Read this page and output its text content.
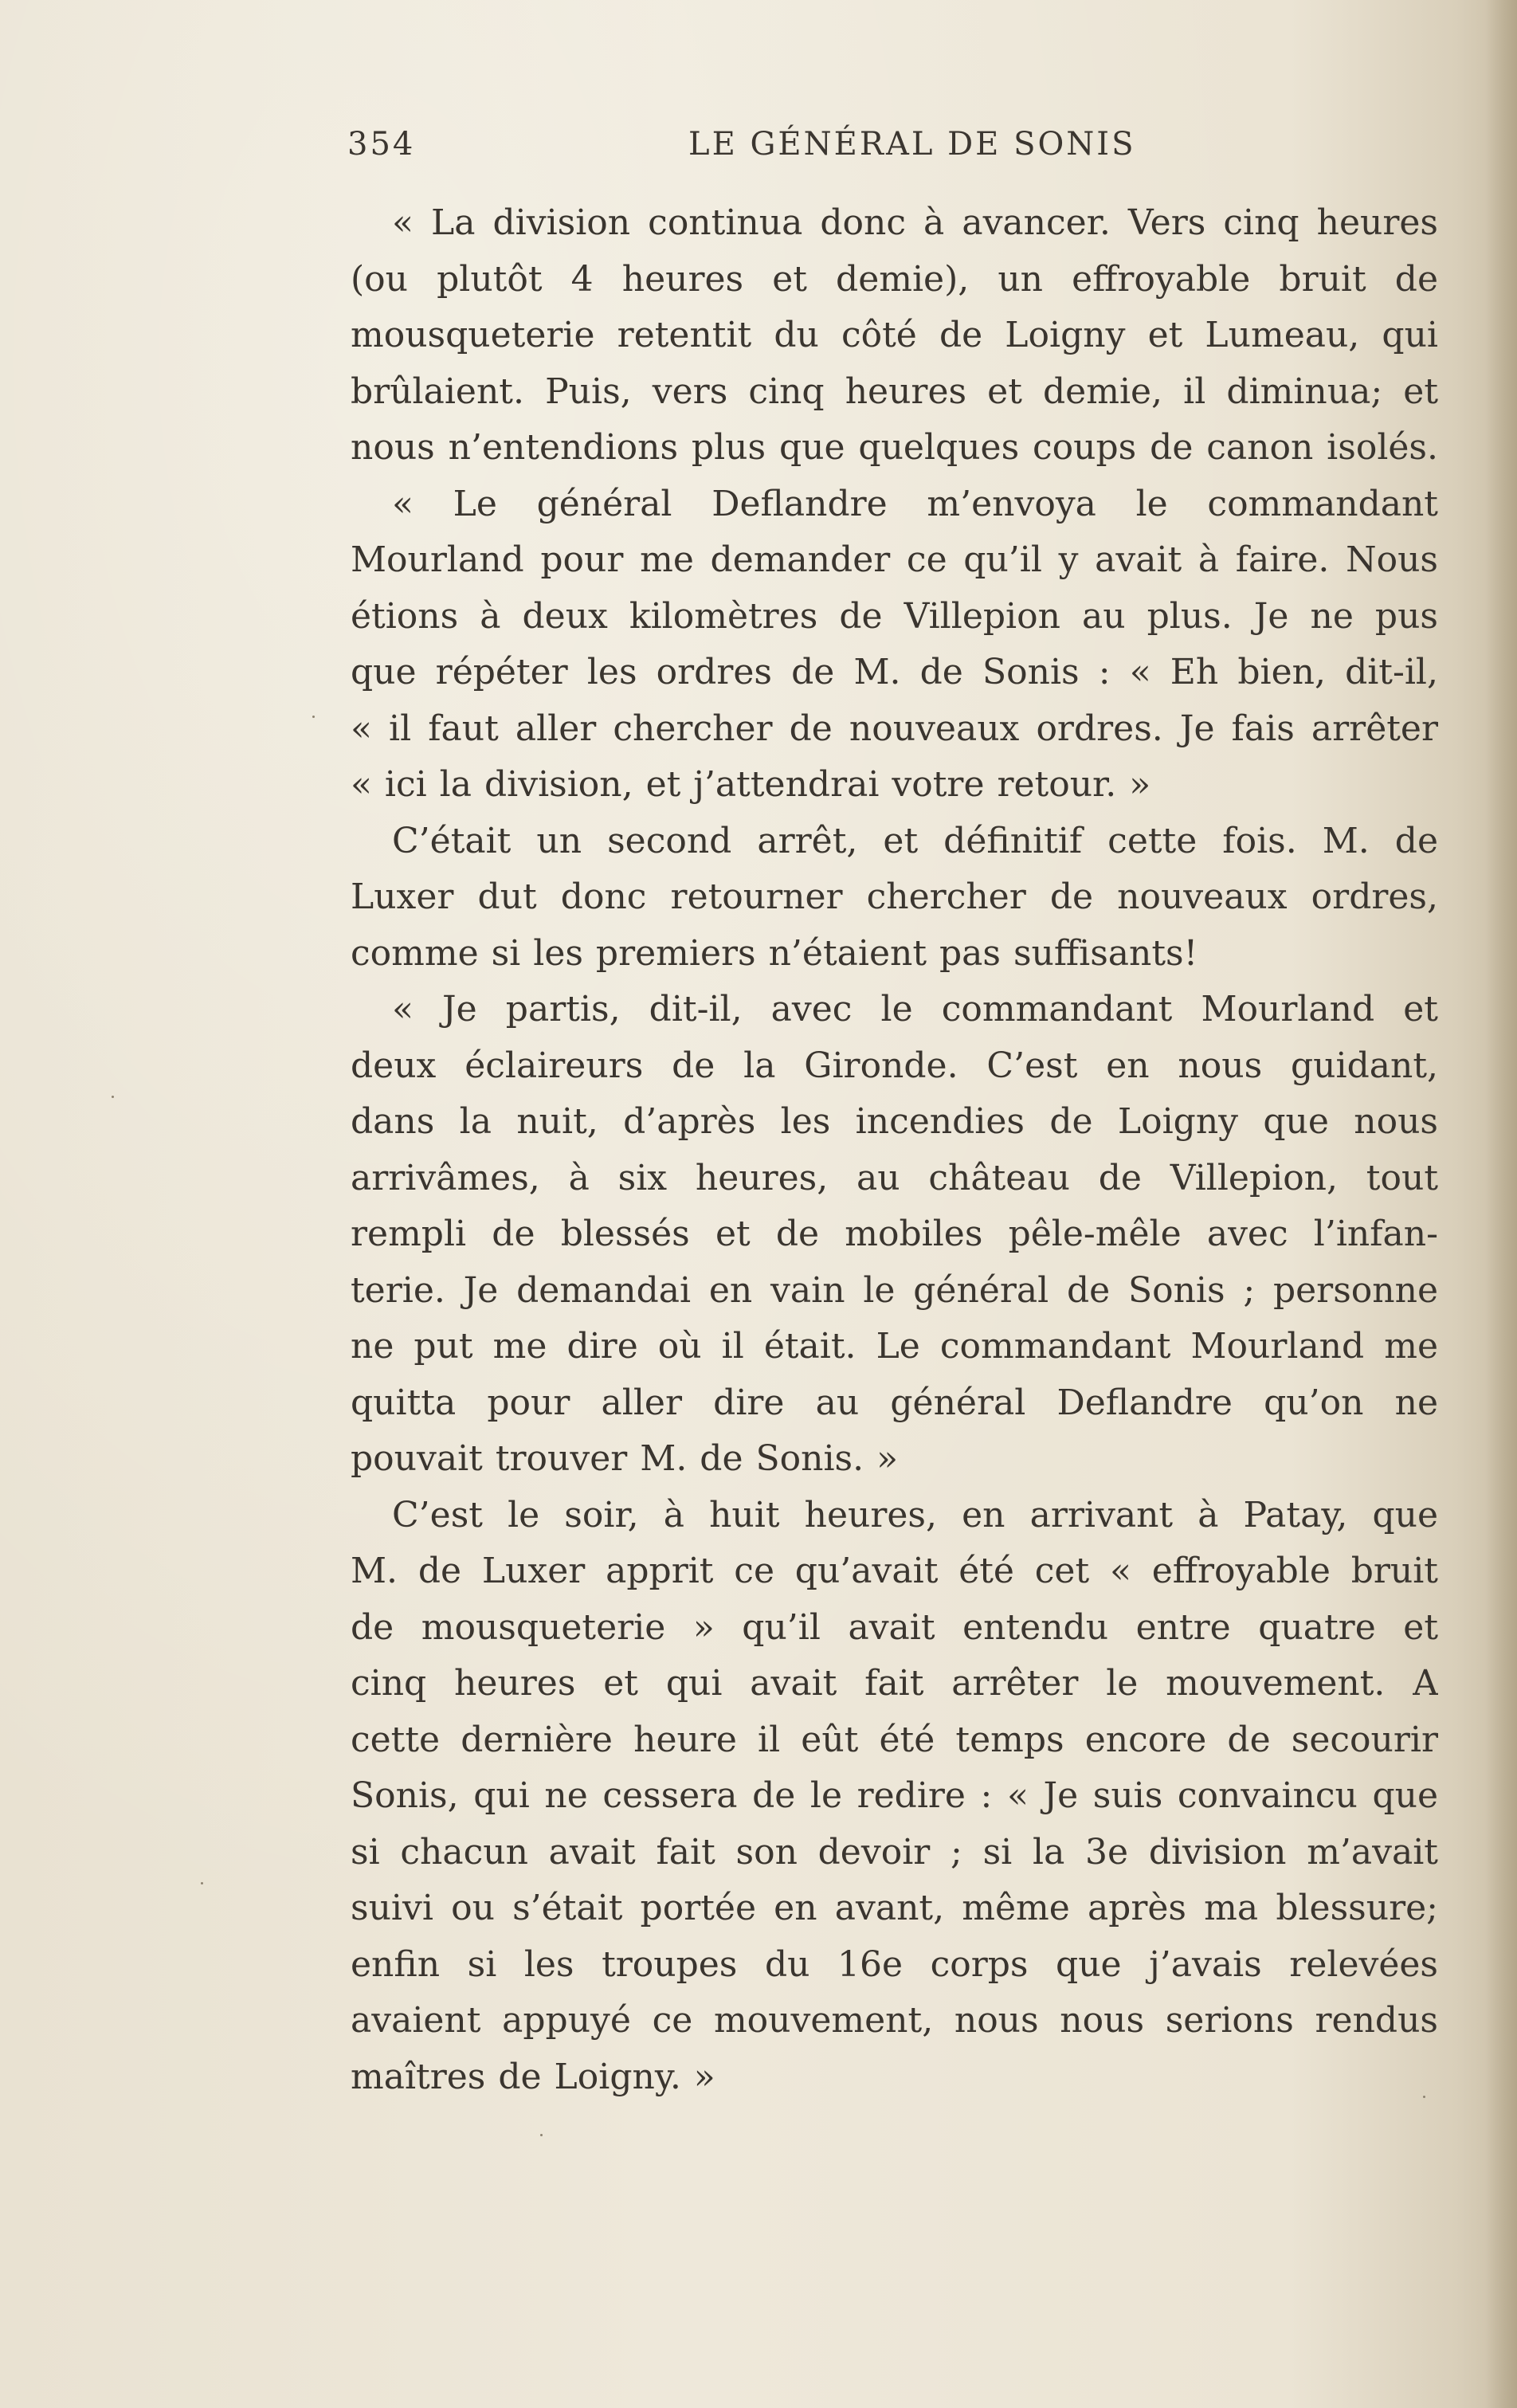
354	LE GÉNÉRAL DE SONIS
« La division continua donc à avancer. Vers cinq heures
(ou plutôt 4 heures et demie), un effroyable bruit de
mousqueterie retentit du côté de Loigny et Lumeau, qui
brûlaient. Puis, vers cinq heures et demie, il diminua; et
nous n’entendions plus que quelques coups de canon isolés.
« Le général Deflandre m’envoya le commandant
Mourland pour me demander ce qu’il y avait à faire. Nous
étions à deux kilomètres de Villepion au plus. Je ne pus
que répéter les ordres de M. de Sonis : « Eh bien, dit-il,
« il faut aller chercher de nouveaux ordres. Je fais arrêter
« ici la division, et j’attendrai votre retour. »
C’était un second arrêt, et définitif cette fois. M. de
Luxer dut donc retourner chercher de nouveaux ordres,
comme si les premiers n’étaient pas suffisants!
« Je partis, dit-il, avec le commandant Mourland et
deux éclaireurs de la Gironde. C’est en nous guidant,
dans la nuit, d’après les incendies de Loigny que nous
arrivâmes, à six heures, au château de Villepion, tout
rempli de blessés et de mobiles pêle-mêle avec l’infan-
terie. Je demandai en vain le général de Sonis ; personne
ne put me dire où il était. Le commandant Mourland me
quitta pour aller dire au général Deflandre qu’on ne
pouvait trouver M. de Sonis. »
C’est le soir, à huit heures, en arrivant à Patay, que
M. de Luxer apprit ce qu’avait été cet « effroyable bruit
de mousqueterie » qu’il avait entendu entre quatre et
cinq heures et qui avait fait arrêter le mouvement. A
cette dernière heure il eût été temps encore de secourir
Sonis, qui ne cessera de le redire : « Je suis convaincu que
si chacun avait fait son devoir ; si la 3e division m’avait
suivi ou s’était portée en avant, même après ma blessure;
enfin si les troupes du 16e corps que j’avais relevées
avaient appuyé ce mouvement, nous nous serions rendus
maîtres de Loigny. »
